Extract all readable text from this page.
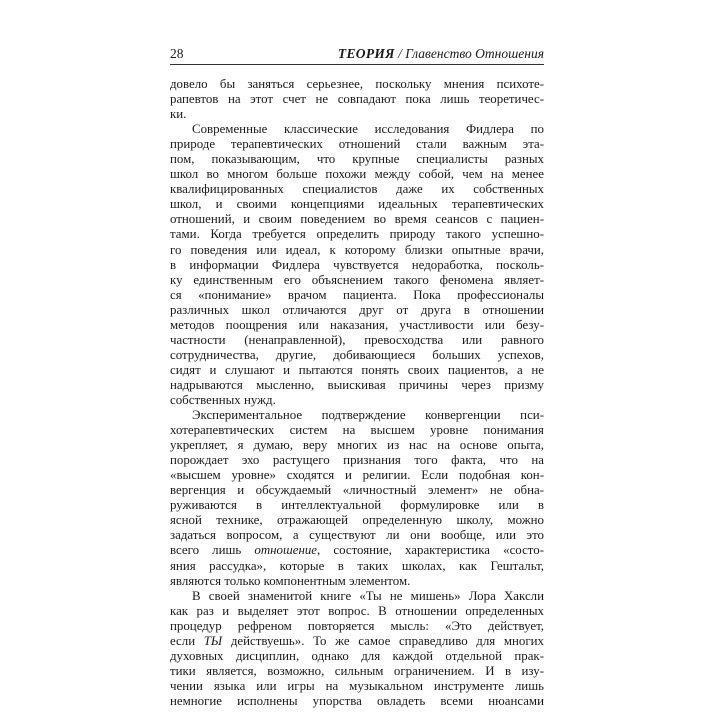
28	ТЕОРИЯ / Главенство Отношения
довело бы заняться серьезнее, поскольку мнения психоте-
рапевтов на этот счет не совпадают пока лишь теоретичес-
ки.
Современные классические исследования Фидлера по
природе терапевтических отношений стали важным эта-
пом, показывающим, что крупные специалисты разных
школ во многом больше похожи между собой, чем на менее
квалифицированных специалистов даже их собственных
школ, и своими концепциями идеальных терапевтических
отношений, и своим поведением во время сеансов с пациен-
тами. Когда требуется определить природу такого успешно-
го поведения или идеал, к которому близки опытные врачи,
в информации Фидлера чувствуется недоработка, посколь-
ку единственным его объяснением такого феномена являет-
ся «понимание» врачом пациента. Пока профессионалы
различных школ отличаются друг от друга в отношении
методов поощрения или наказания, участливости или безу-
частности (ненаправленной), превосходства или равного
сотрудничества, другие, добивающиеся больших успехов,
сидят и слушают и пытаются понять своих пациентов, а не
надрываются мысленно, выискивая причины через призму
собственных нужд.
Экспериментальное подтверждение конвергенции пси-
хотерапевтических систем на высшем уровне понимания
укрепляет, я думаю, веру многих из нас на основе опыта,
порождает эхо растущего признания того факта, что на
«высшем уровне» сходятся и религии. Если подобная кон-
вергенция и обсуждаемый «личностный элемент» не обна-
руживаются в интеллектуальной формулировке или в
ясной технике, отражающей определенную школу, можно
задаться вопросом, а существуют ли они вообще, или это
всего лишь отношение, состояние, характеристика «состо-
яния рассудка», которые в таких школах, как Гештальт,
являются только компонентным элементом.
В своей знаменитой книге «Ты не мишень» Лора Хаксли
как раз и выделяет этот вопрос. В отношении определенных
процедур рефреном повторяется мысль: «Это действует,
если ТЫ действуешь». То же самое справедливо для многих
духовных дисциплин, однако для каждой отдельной прак-
тики является, возможно, сильным ограничением. И в изу-
чении языка или игры на музыкальном инструменте лишь
немногие исполнены упорства овладеть всеми нюансами
